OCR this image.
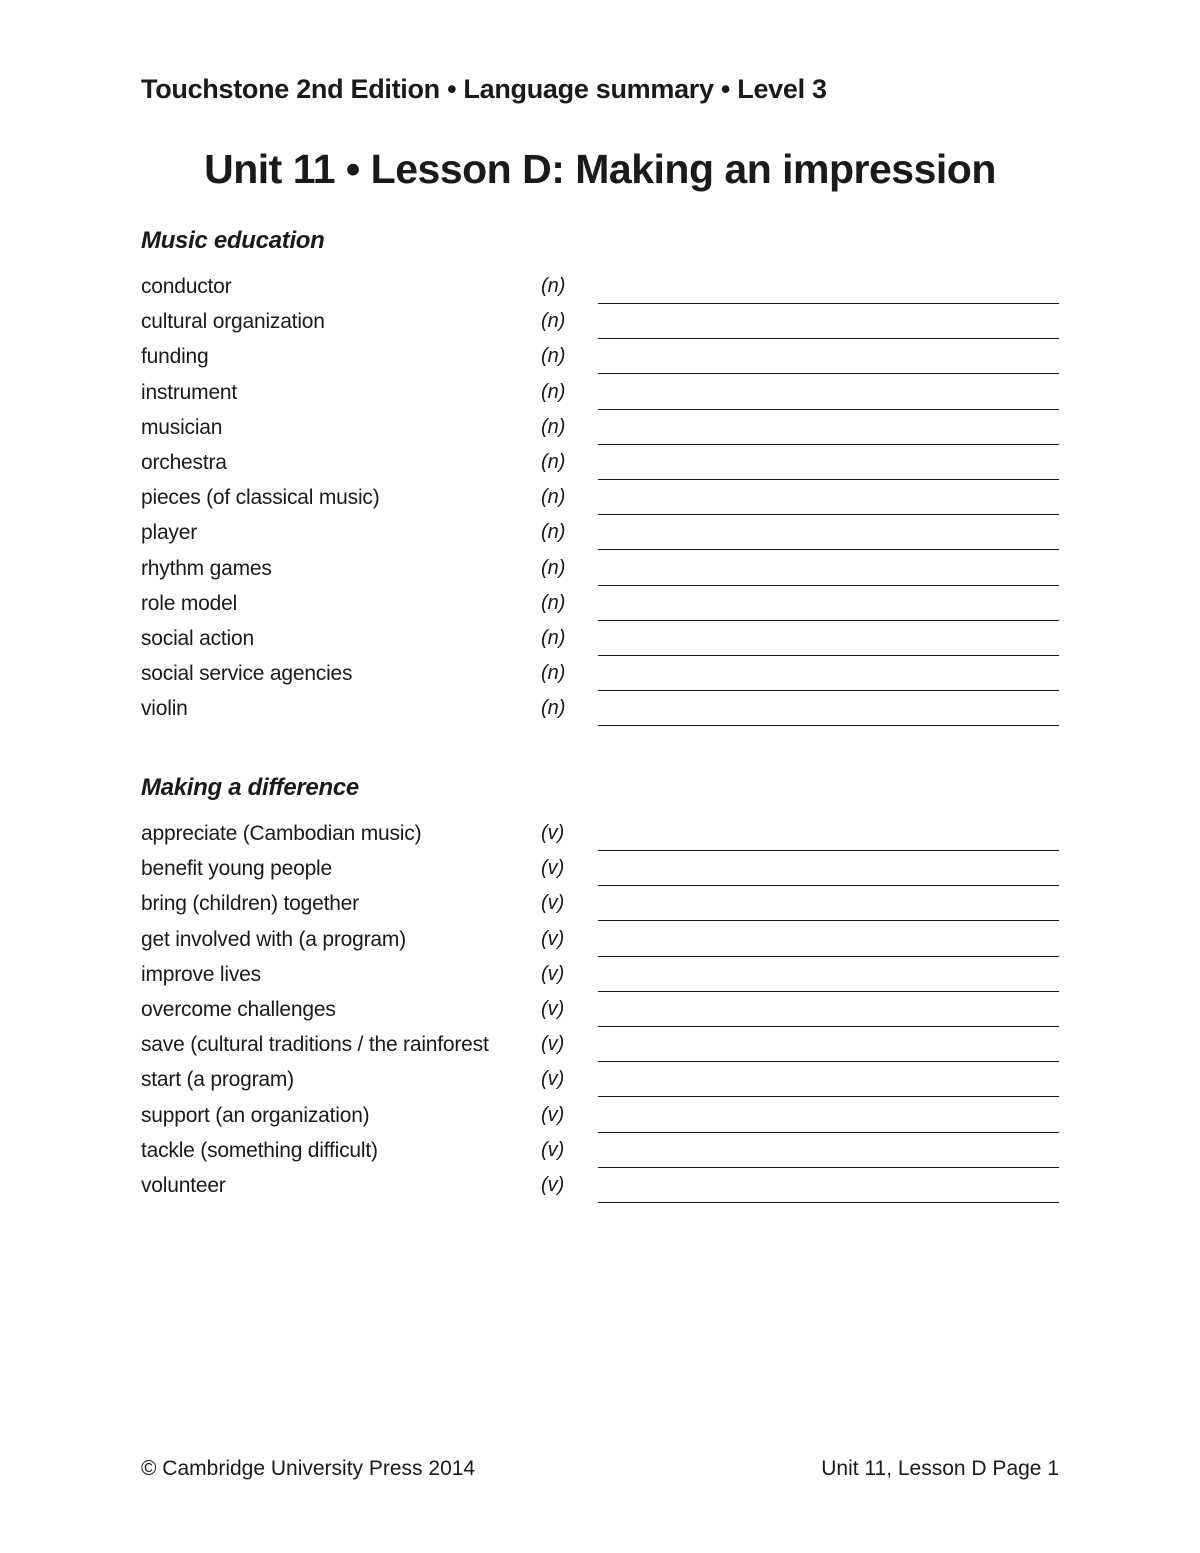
Touchstone 2nd Edition • Language summary • Level 3
Unit 11 • Lesson D: Making an impression
Music education
conductor	(n)
cultural organization	(n)
funding	(n)
instrument	(n)
musician	(n)
orchestra	(n)
pieces (of classical music)	(n)
player	(n)
rhythm games	(n)
role model	(n)
social action	(n)
social service agencies	(n)
violin	(n)
Making a difference
appreciate (Cambodian music)	(v)
benefit young people	(v)
bring (children) together	(v)
get involved with (a program)	(v)
improve lives	(v)
overcome challenges	(v)
save (cultural traditions / the rainforest	(v)
start (a program)	(v)
support (an organization)	(v)
tackle (something difficult)	(v)
volunteer	(v)
© Cambridge University Press 2014	Unit 11, Lesson D Page 1
